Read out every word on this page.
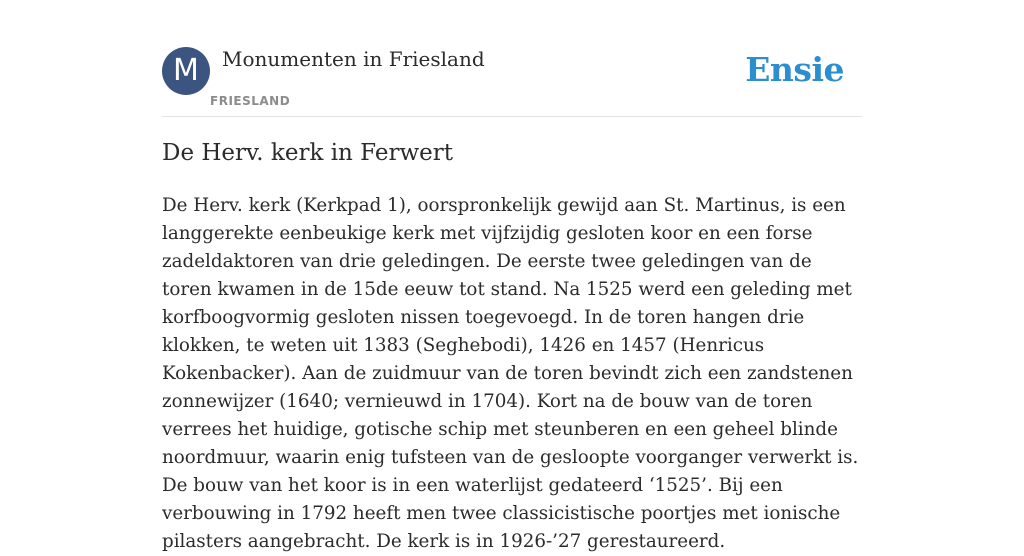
M	Monumenten in Friesland
FRIESLAND
Ensie
De Herv. kerk in Ferwert

De Herv. kerk (Kerkpad 1), oorspronkelijk gewijd aan St. Martinus, is een langgerekte eenbeukige kerk met vijfzijdig gesloten koor en een forse zadeldaktoren van drie geledingen. De eerste twee geledingen van de toren kwamen in de 15de eeuw tot stand. Na 1525 werd een geleding met korfboogvormig gesloten nissen toegevoegd. In de toren hangen drie klokken, te weten uit 1383 (Seghebodi), 1426 en 1457 (Henricus Kokenbacker). Aan de zuidmuur van de toren bevindt zich een zandstenen zonnewijzer (1640; vernieuwd in 1704). Kort na de bouw van de toren verrees het huidige, gotische schip met steunberen en een geheel blinde noordmuur, waarin enig tufsteen van de gesloopte voorganger verwerkt is. De bouw van het koor is in een waterlijst gedateerd ‘1525’. Bij een verbouwing in 1792 heeft men twee classicistische poortjes met ionische pilasters aangebracht. De kerk is in 1926-’27 gerestaureerd.
